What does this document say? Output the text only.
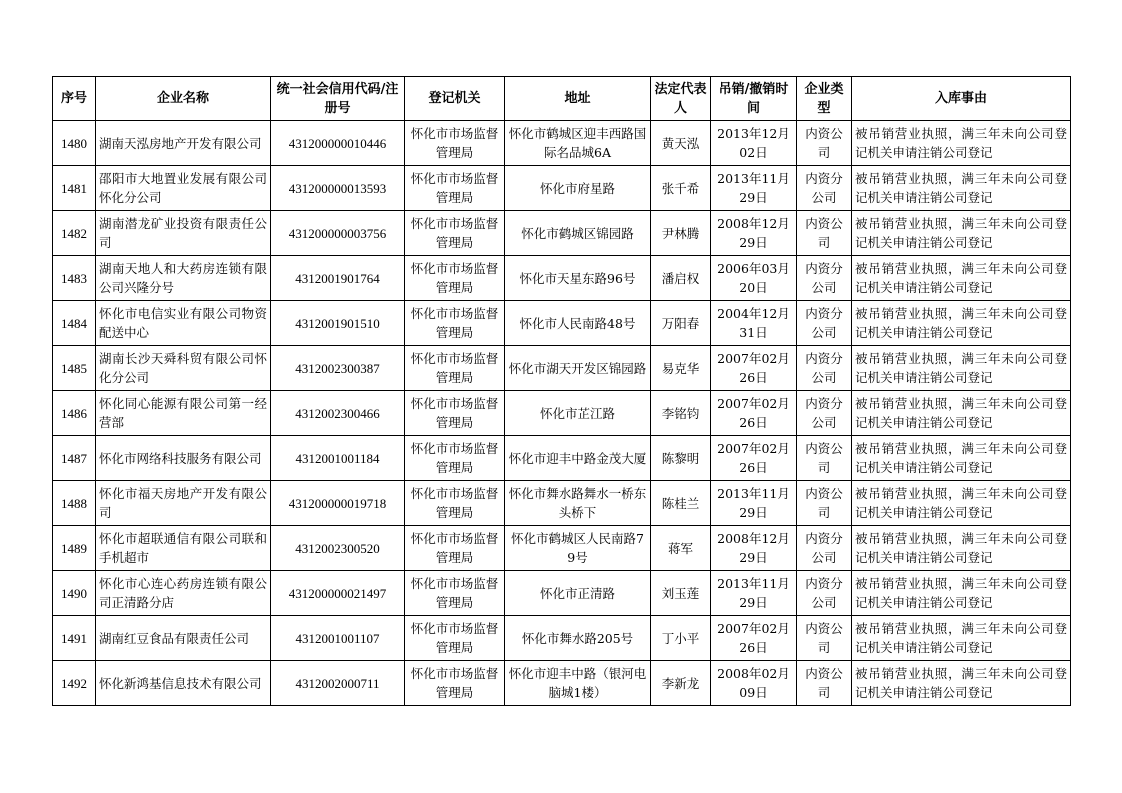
序号	企业名称	统一社会信用代码/注册号	登记机关	地址	法定代表人	吊销/撤销时间	企业类型	入库事由
1480	湖南天泓房地产开发有限公司	431200000010446	怀化市市场监督管理局	怀化市鹤城区迎丰西路国际名品城6A	黄天泓	2013年12月02日	内资公司	被吊销营业执照，满三年未向公司登记机关申请注销公司登记
1481	邵阳市大地置业发展有限公司怀化分公司	431200000013593	怀化市市场监督管理局	怀化市府星路	张千希	2013年11月29日	内资分公司	被吊销营业执照，满三年未向公司登记机关申请注销公司登记
1482	湖南潜龙矿业投资有限责任公司	431200000003756	怀化市市场监督管理局	怀化市鹤城区锦园路	尹林腾	2008年12月29日	内资公司	被吊销营业执照，满三年未向公司登记机关申请注销公司登记
1483	湖南天地人和大药房连锁有限公司兴隆分号	4312001901764	怀化市市场监督管理局	怀化市天星东路96号	潘启权	2006年03月20日	内资分公司	被吊销营业执照，满三年未向公司登记机关申请注销公司登记
1484	怀化市电信实业有限公司物资配送中心	4312001901510	怀化市市场监督管理局	怀化市人民南路48号	万阳春	2004年12月31日	内资分公司	被吊销营业执照，满三年未向公司登记机关申请注销公司登记
1485	湖南长沙天舜科贸有限公司怀化分公司	4312002300387	怀化市市场监督管理局	怀化市湖天开发区锦园路	易克华	2007年02月26日	内资分公司	被吊销营业执照，满三年未向公司登记机关申请注销公司登记
1486	怀化同心能源有限公司第一经营部	4312002300466	怀化市市场监督管理局	怀化市芷江路	李铭钧	2007年02月26日	内资分公司	被吊销营业执照，满三年未向公司登记机关申请注销公司登记
1487	怀化市网络科技服务有限公司	4312001001184	怀化市市场监督管理局	怀化市迎丰中路金茂大厦	陈黎明	2007年02月26日	内资公司	被吊销营业执照，满三年未向公司登记机关申请注销公司登记
1488	怀化市福天房地产开发有限公司	431200000019718	怀化市市场监督管理局	怀化市舞水路舞水一桥东头桥下	陈桂兰	2013年11月29日	内资公司	被吊销营业执照，满三年未向公司登记机关申请注销公司登记
1489	怀化市超联通信有限公司联和手机超市	4312002300520	怀化市市场监督管理局	怀化市鹤城区人民南路79号	蒋军	2008年12月29日	内资分公司	被吊销营业执照，满三年未向公司登记机关申请注销公司登记
1490	怀化市心连心药房连锁有限公司正清路分店	431200000021497	怀化市市场监督管理局	怀化市正清路	刘玉莲	2013年11月29日	内资分公司	被吊销营业执照，满三年未向公司登记机关申请注销公司登记
1491	湖南红豆食品有限责任公司	4312001001107	怀化市市场监督管理局	怀化市舞水路205号	丁小平	2007年02月26日	内资公司	被吊销营业执照，满三年未向公司登记机关申请注销公司登记
1492	怀化新鸿基信息技术有限公司	4312002000711	怀化市市场监督管理局	怀化市迎丰中路（银河电脑城1楼）	李新龙	2008年02月09日	内资公司	被吊销营业执照，满三年未向公司登记机关申请注销公司登记
